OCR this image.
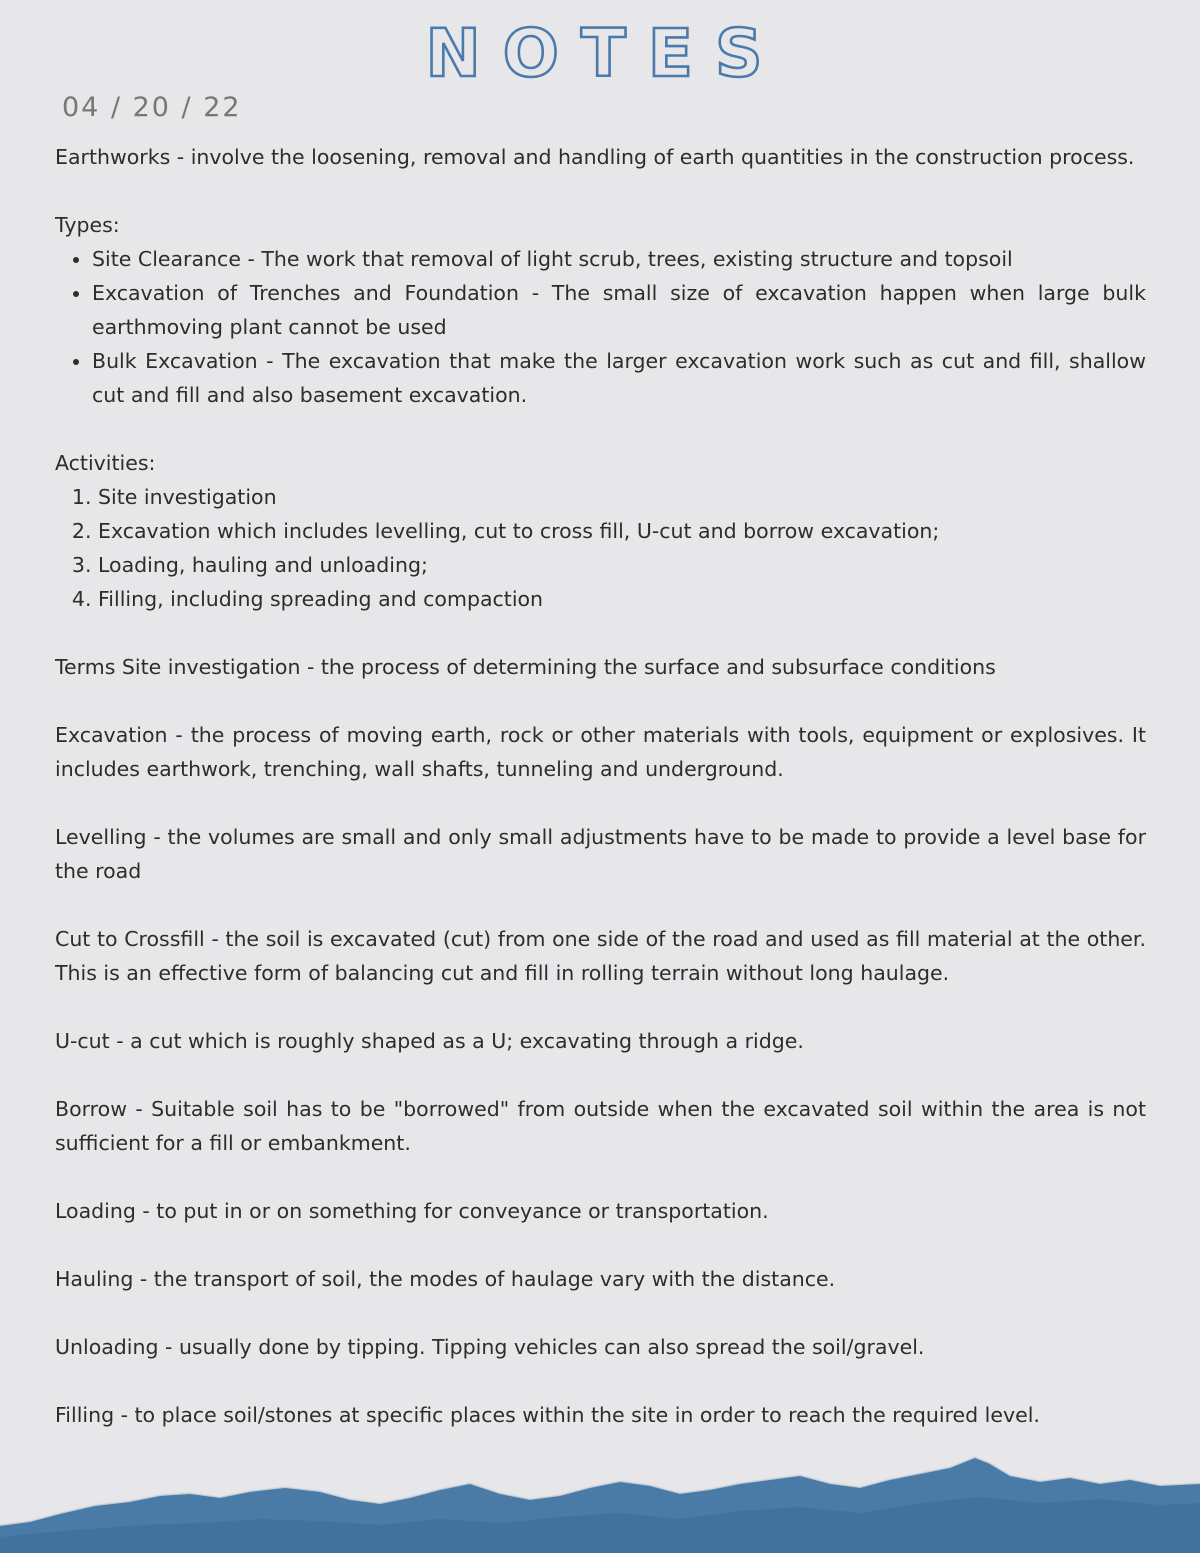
NOTES
04 / 20 / 22

Earthworks - involve the loosening, removal and handling of earth quantities in the construction process.

Types:

• Site Clearance - The work that removal of light scrub, trees, existing structure and topsoil
• Excavation of Trenches and Foundation - The small size of excavation happen when large bulk earthmoving plant cannot be used
• Bulk Excavation - The excavation that make the larger excavation work such as cut and fill, shallow cut and fill and also basement excavation.

Activities:

1. Site investigation
2. Excavation which includes levelling, cut to cross fill, U-cut and borrow excavation;
3. Loading, hauling and unloading;
4. Filling, including spreading and compaction

Terms Site investigation - the process of determining the surface and subsurface conditions

Excavation - the process of moving earth, rock or other materials with tools, equipment or explosives. It includes earthwork, trenching, wall shafts, tunneling and underground.

Levelling - the volumes are small and only small adjustments have to be made to provide a level base for the road

Cut to Crossfill - the soil is excavated (cut) from one side of the road and used as fill material at the other. This is an effective form of balancing cut and fill in rolling terrain without long haulage.

U-cut - a cut which is roughly shaped as a U; excavating through a ridge.

Borrow - Suitable soil has to be "borrowed" from outside when the excavated soil within the area is not sufficient for a fill or embankment.

Loading - to put in or on something for conveyance or transportation.

Hauling - the transport of soil, the modes of haulage vary with the distance.

Unloading - usually done by tipping. Tipping vehicles can also spread the soil/gravel.

Filling - to place soil/stones at specific places within the site in order to reach the required level.
